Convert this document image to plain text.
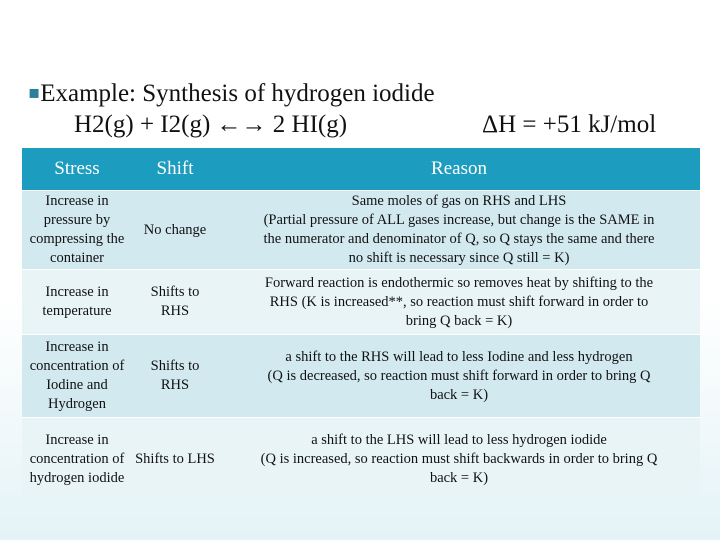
▪Example: Synthesis of hydrogen iodide
H2(g) + I2(g) ←→ 2 HI(g)	ΔH = +51 kJ/mol
Stress	Shift	Reason
Increase in pressure by compressing the container	No change	Same moles of gas on RHS and LHS
(Partial pressure of ALL gases increase, but change is the SAME in
the numerator and denominator of Q, so Q stays the same and there
no shift is necessary since Q still = K)

Increase in temperature	Shifts to RHS	Forward reaction is endothermic so removes heat by shifting to the
RHS (K is increased**, so reaction must shift forward in order to
bring Q back = K)

Increase in concentration of Iodine and Hydrogen	Shifts to RHS	a shift to the RHS will lead to less Iodine and less hydrogen
(Q is decreased, so reaction must shift forward in order to bring Q
back = K)

Increase in concentration of hydrogen iodide	Shifts to LHS	a shift to the LHS will lead to less hydrogen iodide
(Q is increased, so reaction must shift backwards in order to bring Q
back = K)
